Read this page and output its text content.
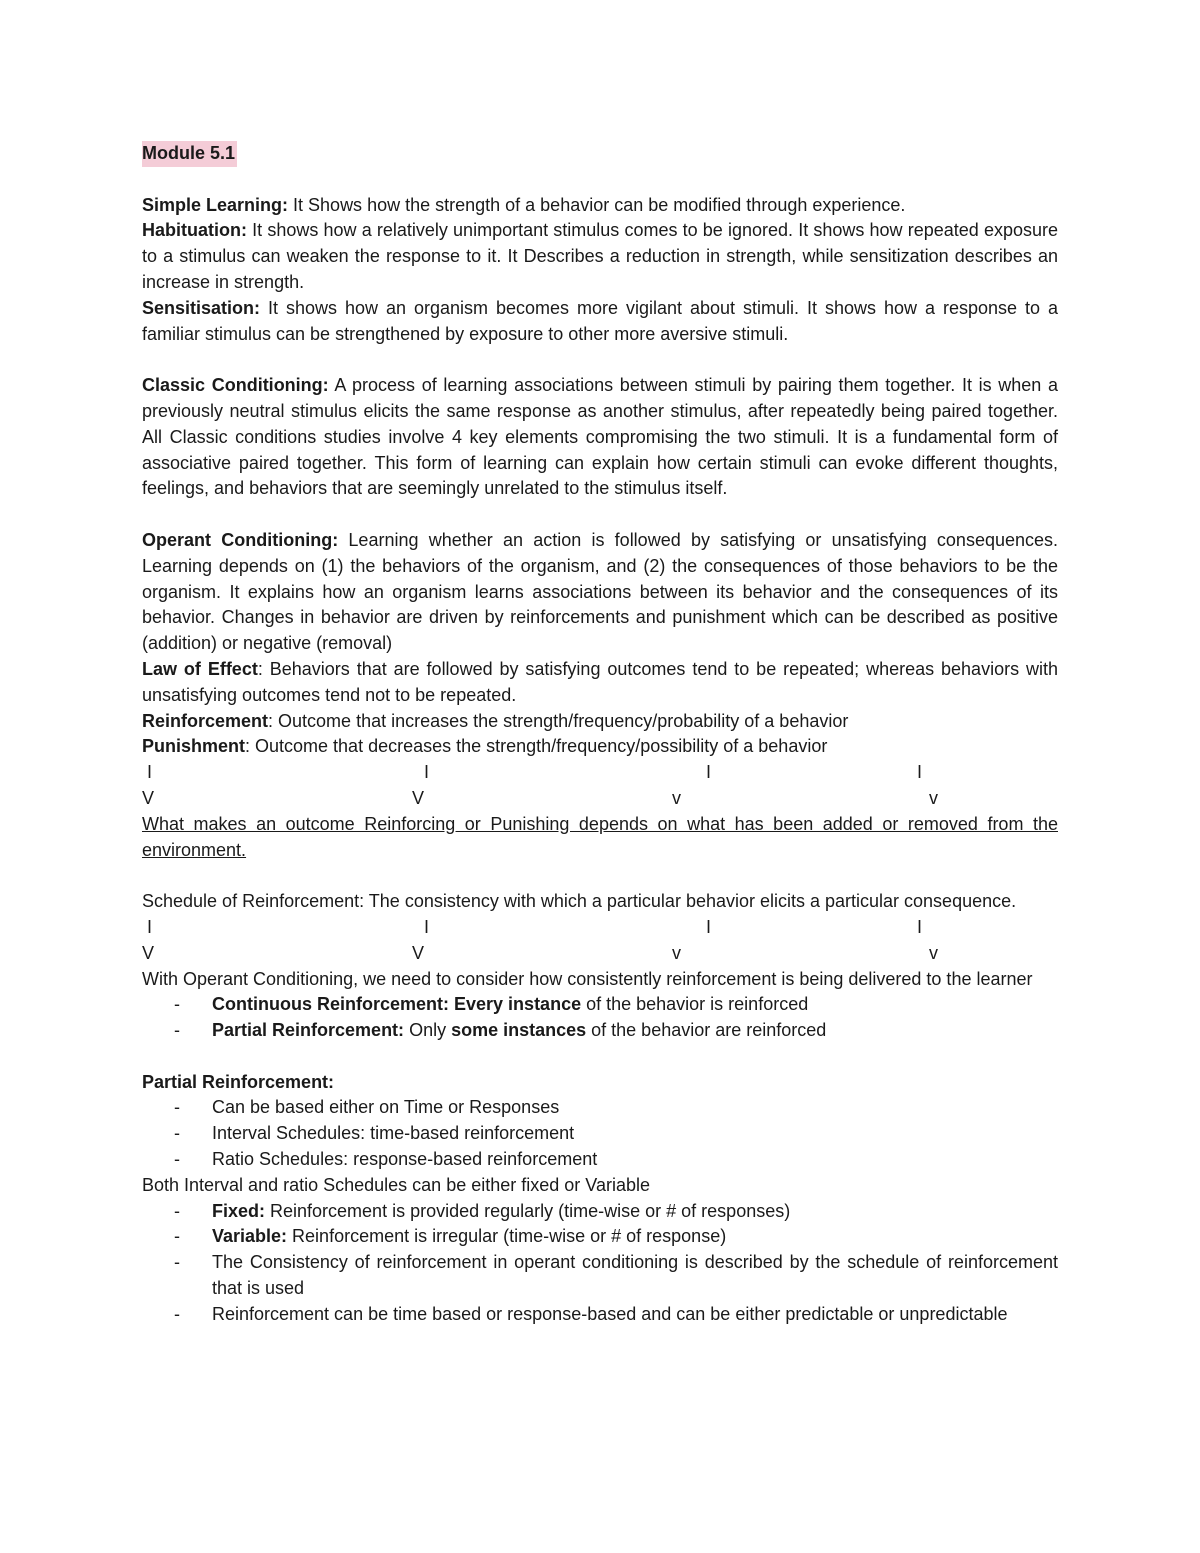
Module 5.1

Simple Learning: It Shows how the strength of a behavior can be modified through experience.

Habituation: It shows how a relatively unimportant stimulus comes to be ignored. It shows how repeated exposure to a stimulus can weaken the response to it. It Describes a reduction in strength, while sensitization describes an increase in strength.

Sensitisation: It shows how an organism becomes more vigilant about stimuli. It shows how a response to a familiar stimulus can be strengthened by exposure to other more aversive stimuli.

Classic Conditioning: A process of learning associations between stimuli by pairing them together. It is when a previously neutral stimulus elicits the same response as another stimulus, after repeatedly being paired together. All Classic conditions studies involve 4 key elements compromising the two stimuli. It is a fundamental form of associative paired together. This form of learning can explain how certain stimuli can evoke different thoughts, feelings, and behaviors that are seemingly unrelated to the stimulus itself.

Operant Conditioning: Learning whether an action is followed by satisfying or unsatisfying consequences. Learning depends on (1) the behaviors of the organism, and (2) the consequences of those behaviors to be the organism. It explains how an organism learns associations between its behavior and the consequences of its behavior. Changes in behavior are driven by reinforcements and punishment which can be described as positive (addition) or negative (removal)

Law of Effect: Behaviors that are followed by satisfying outcomes tend to be repeated; whereas behaviors with unsatisfying outcomes tend not to be repeated.

Reinforcement: Outcome that increases the strength/frequency/probability of a behavior

Punishment: Outcome that decreases the strength/frequency/possibility of a behavior

I	I	I	I
V	V	v	v

What makes an outcome Reinforcing or Punishing depends on what has been added or removed from the environment.

Schedule of Reinforcement: The consistency with which a particular behavior elicits a particular consequence.

I	I	I	I
V	V	v	v

With Operant Conditioning, we need to consider how consistently reinforcement is being delivered to the learner

- Continuous Reinforcement: Every instance of the behavior is reinforced
- Partial Reinforcement: Only some instances of the behavior are reinforced

Partial Reinforcement:

- Can be based either on Time or Responses
- Interval Schedules: time-based reinforcement
- Ratio Schedules: response-based reinforcement

Both Interval and ratio Schedules can be either fixed or Variable

- Fixed: Reinforcement is provided regularly (time-wise or # of responses)
- Variable: Reinforcement is irregular (time-wise or # of response)
- The Consistency of reinforcement in operant conditioning is described by the schedule of reinforcement that is used
- Reinforcement can be time based or response-based and can be either predictable or unpredictable
